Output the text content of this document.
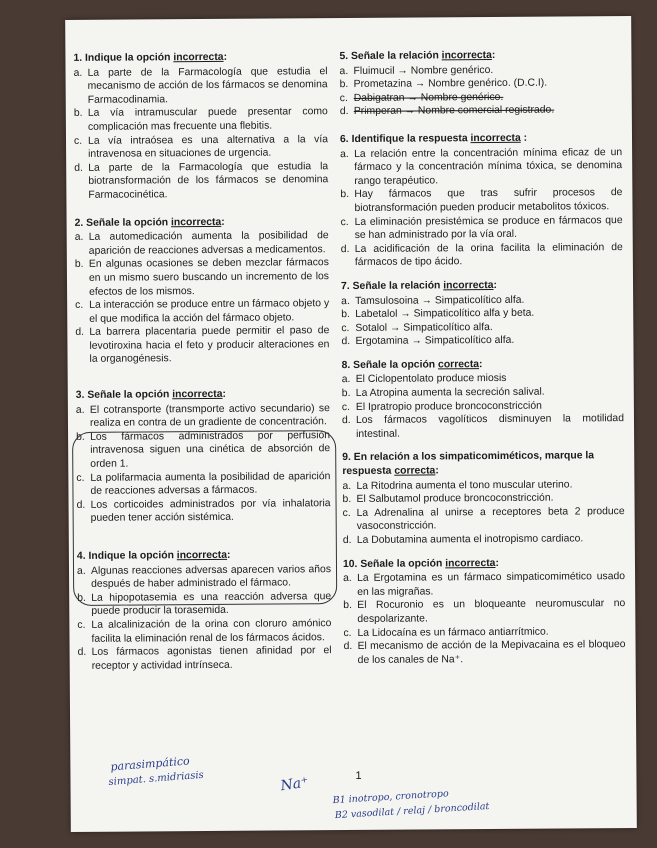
1. Indique la opción incorrecta:

a. La parte de la Farmacología que estudia el mecanismo de acción de los fármacos se denomina Farmacodinamia.

b. La vía intramuscular puede presentar como complicación mas frecuente una flebitis.

c. La vía intraósea es una alternativa a la vía intravenosa en situaciones de urgencia.

d. La parte de la Farmacología que estudia la biotransformación de los fármacos se denomina Farmacocinética.

2. Señale la opción incorrecta:

a. La automedicación aumenta la posibilidad de aparición de reacciones adversas a medicamentos.

b. En algunas ocasiones se deben mezclar fármacos en un mismo suero buscando un incremento de los efectos de los mismos.

c. La interacción se produce entre un fármaco objeto y el que modifica la acción del fármaco objeto.

d. La barrera placentaria puede permitir el paso de levotiroxina hacia el feto y producir alteraciones en la organogénesis.

3. Señale la opción incorrecta:

a. El cotransporte (transmporte activo secundario) se realiza en contra de un gradiente de concentración.

b. Los fármacos administrados por perfusión intravenosa siguen una cinética de absorción de orden 1.

c. La polifarmacia aumenta la posibilidad de aparición de reacciones adversas a fármacos.

d. Los corticoides administrados por vía inhalatoria pueden tener acción sistémica.

4. Indique la opción incorrecta:

a. Algunas reacciones adversas aparecen varios años después de haber administrado el fármaco.

b. La hipopotasemia es una reacción adversa que puede producir la torasemida.

c. La alcalinización de la orina con cloruro amónico facilita la eliminación renal de los fármacos ácidos.

d. Los fármacos agonistas tienen afinidad por el receptor y actividad intrínseca.

5. Señale la relación incorrecta:

a. Fluimucil → Nombre genérico.

b. Prometazina → Nombre genérico. (D.C.I).

c. Dabigatran → Nombre genérico.

d. Primperan → Nombre comercial registrado.

6. Identifique la respuesta incorrecta :

a. La relación entre la concentración mínima eficaz de un fármaco y la concentración mínima tóxica, se denomina rango terapéutico.

b. Hay fármacos que tras sufrir procesos de biotransformación pueden producir metabolitos tóxicos.

c. La eliminación presistémica se produce en fármacos que se han administrado por la vía oral.

d. La acidificación de la orina facilita la eliminación de fármacos de tipo ácido.

7. Señale la relación incorrecta:

a. Tamsulosoina → Simpaticolítico alfa.

b. Labetalol → Simpaticolítico alfa y beta.

c. Sotalol → Simpaticolítico alfa.

d. Ergotamina → Simpaticolítico alfa.

8. Señale la opción correcta:

a. El Ciclopentolato produce miosis

b. La Atropina aumenta la secreción salival.

c. El Ipratropio produce broncoconstricción

d. Los fármacos vagolíticos disminuyen la motilidad intestinal.

9. En relación a los simpaticomiméticos, marque la respuesta correcta:

a. La Ritodrina aumenta el tono muscular uterino.

b. El Salbutamol produce broncoconstricción.

c. La Adrenalina al unirse a receptores beta 2 produce vasoconstricción.

d. La Dobutamina aumenta el inotropismo cardiaco.

10. Señale la opción incorrecta:

a. La Ergotamina es un fármaco simpaticomimético usado en las migrañas.

b. El Rocuronio es un bloqueante neuromuscular no despolarizante.

c. La Lidocaína es un fármaco antiarrítmico.

d. El mecanismo de acción de la Mepivacaina es el bloqueo de los canales de Na⁺.

1
parasimpático
simpat. s.midriasis	Na⁺
B1 inotropo, cronotropo
B2 vasodilat / relaj / broncodilat
